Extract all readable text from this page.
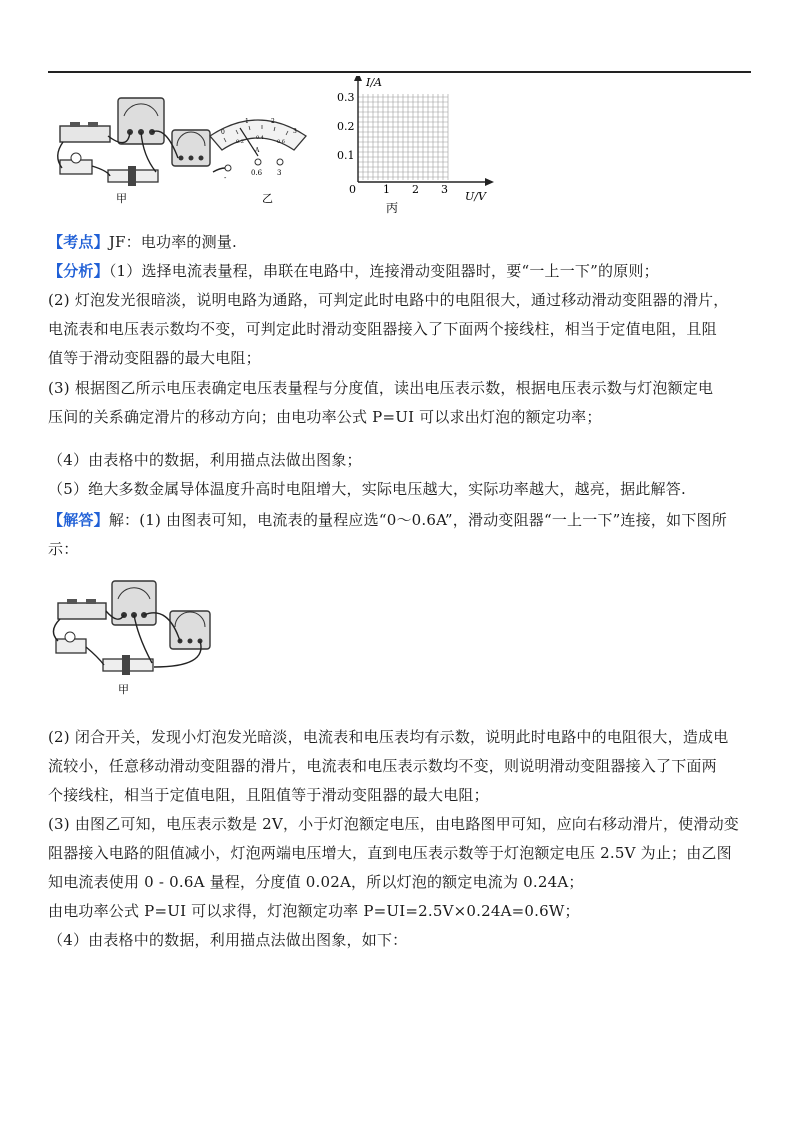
甲
0
1	2
3
0.2
0.4
0.6
A
-
0.6 3
乙
I/A
U/V
0.3
0.2
0.1
0 1 2 3
丙
【考点】JF：电功率的测量.
【分析】（1）选择电流表量程，串联在电路中，连接滑动变阻器时，要“一上一下”的原则；
(2) 灯泡发光很暗淡，说明电路为通路，可判定此时电路中的电阻很大，通过移动滑动变阻器的滑片，
电流表和电压表示数均不变，可判定此时滑动变阻器接入了下面两个接线柱，相当于定值电阻，且阻
值等于滑动变阻器的最大电阻；
(3) 根据图乙所示电压表确定电压表量程与分度值，读出电压表示数，根据电压表示数与灯泡额定电
压间的关系确定滑片的移动方向；由电功率公式 P=UI 可以求出灯泡的额定功率；
（4）由表格中的数据，利用描点法做出图象；
（5）绝大多数金属导体温度升高时电阻增大，实际电压越大，实际功率越大，越亮，据此解答.
【解答】解：(1) 由图表可知，电流表的量程应选“0～0.6A”，滑动变阻器“一上一下”连接，如下图所
示：
甲
(2) 闭合开关，发现小灯泡发光暗淡，电流表和电压表均有示数，说明此时电路中的电阻很大，造成电
流较小，任意移动滑动变阻器的滑片，电流表和电压表示数均不变，则说明滑动变阻器接入了下面两
个接线柱，相当于定值电阻，且阻值等于滑动变阻器的最大电阻；
(3) 由图乙可知，电压表示数是 2V，小于灯泡额定电压，由电路图甲可知，应向右移动滑片，使滑动变
阻器接入电路的阻值减小，灯泡两端电压增大，直到电压表示数等于灯泡额定电压 2.5V 为止；由乙图
知电流表使用 0 - 0.6A 量程，分度值 0.02A，所以灯泡的额定电流为 0.24A；
由电功率公式 P=UI 可以求得，灯泡额定功率 P=UI=2.5V×0.24A=0.6W；
（4）由表格中的数据，利用描点法做出图象，如下：
